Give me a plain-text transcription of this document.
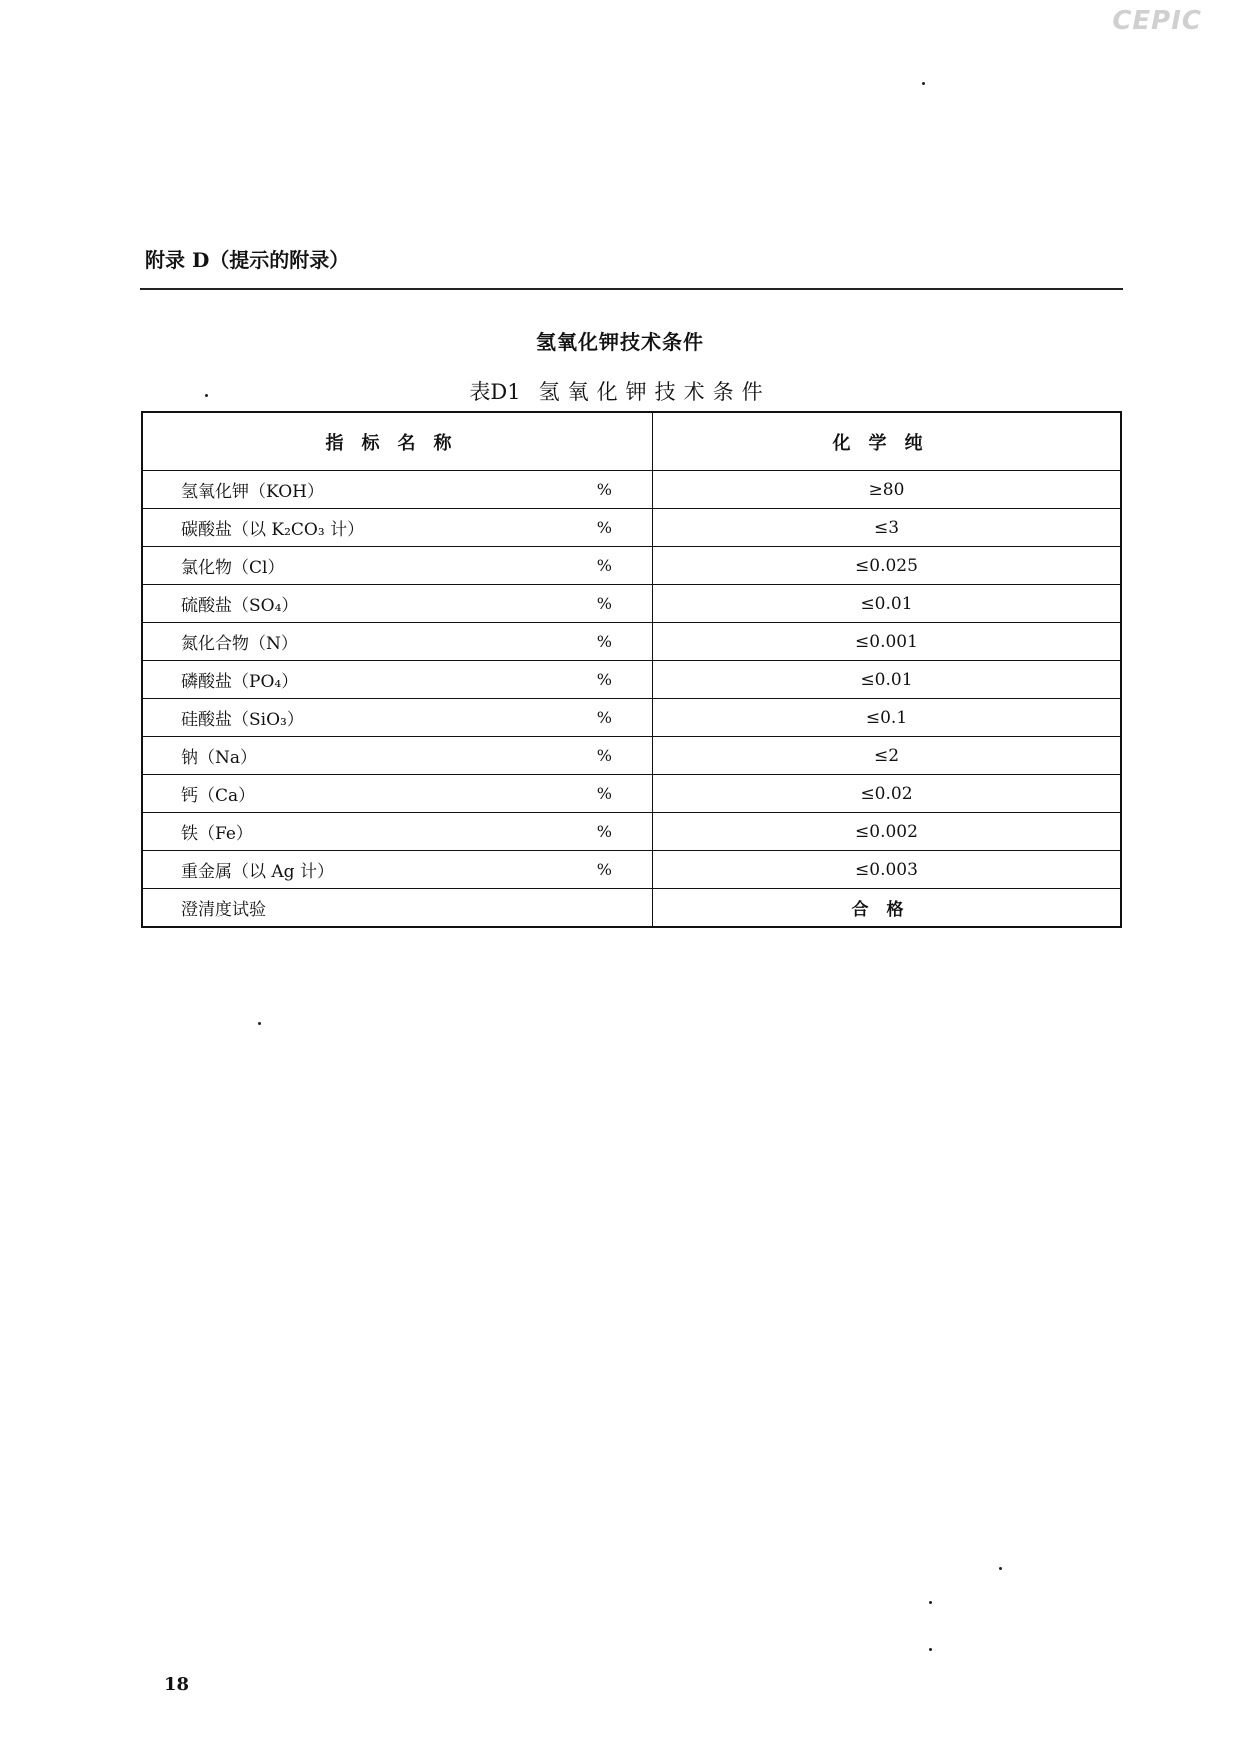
CEPIC
附录 D（提示的附录）
氢氧化钾技术条件
表D1 氢氧化钾技术条件
指标名称	化学纯

氢氧化钾（KOH） %	≥80

碳酸盐（以 K₂CO₃ 计） %	≤3

氯化物（Cl） %	≤0.025

硫酸盐（SO₄） %	≤0.01

氮化合物（N） %	≤0.001

磷酸盐（PO₄） %	≤0.01

硅酸盐（SiO₃） %	≤0.1

钠（Na） %	≤2

钙（Ca） %	≤0.02

铁（Fe） %	≤0.002

重金属（以 Ag 计） %	≤0.003

澄清度试验	合格
18
